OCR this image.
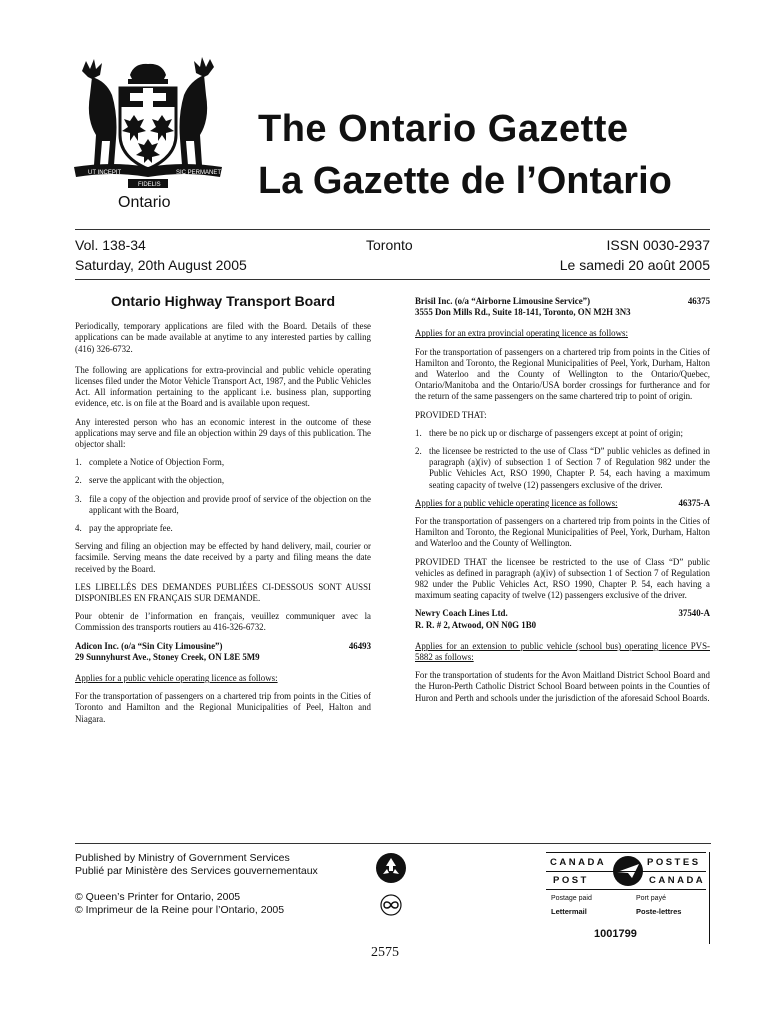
UT INCEPIT	SIC PERMANET
FIDELIS
Ontario
The Ontario Gazette
La Gazette de l’Ontario
Vol. 138-34	Toronto	ISSN 0030-2937
Saturday, 20th August 2005	Le samedi 20 août 2005
Ontario Highway Transport Board

Periodically, temporary applications are filed with the Board. Details of these applications can be made available at anytime to any interested parties by calling (416) 326-6732.

The following are applications for extra-provincial and public vehicle operating licenses filed under the Motor Vehicle Transport Act, 1987, and the Public Vehicles Act. All information pertaining to the applicant i.e. business plan, supporting evidence, etc. is on file at the Board and is available upon request.

Any interested person who has an economic interest in the outcome of these applications may serve and file an objection within 29 days of this publication. The objector shall:

1. complete a Notice of Objection Form,
2. serve the applicant with the objection,
3. file a copy of the objection and provide proof of service of the objection on the applicant with the Board,
4. pay the appropriate fee.

Serving and filing an objection may be effected by hand delivery, mail, courier or facsimile. Serving means the date received by a party and filing means the date received by the Board.

LES LIBELLÉS DES DEMANDES PUBLIÉES CI-DESSOUS SONT AUSSI DISPONIBLES EN FRANÇAIS SUR DEMANDE.

Pour obtenir de l’information en français, veuillez communiquer avec la Commission des transports routiers au 416-326-6732.

Adicon Inc. (o/a “Sin City Limousine”)	46493

29 Sunnyhurst Ave., Stoney Creek, ON L8E 5M9

Applies for a public vehicle operating licence as follows:

For the transportation of passengers on a chartered trip from points in the Cities of Toronto and Hamilton and the Regional Municipalities of Peel, Halton and Niagara.

Brisil Inc. (o/a “Airborne Limousine Service”)	46375

3555 Don Mills Rd., Suite 18-141, Toronto, ON M2H 3N3

Applies for an extra provincial operating licence as follows:

For the transportation of passengers on a chartered trip from points in the Cities of Hamilton and Toronto, the Regional Municipalities of Peel, York, Durham, Halton and Waterloo and the County of Wellington to the Ontario/Quebec, Ontario/Manitoba and the Ontario/USA border crossings for furtherance and for the return of the same passengers on the same chartered trip to point of origin.

PROVIDED THAT:

1. there be no pick up or discharge of passengers except at point of origin;
2. the licensee be restricted to the use of Class “D” public vehicles as defined in paragraph (a)(iv) of subsection 1 of Section 7 of Regulation 982 under the Public Vehicles Act, RSO 1990, Chapter P. 54, each having a maximum seating capacity of twelve (12) passengers exclusive of the driver.
Applies for a public vehicle operating licence as follows:	46375-A

For the transportation of passengers on a chartered trip from points in the Cities of Hamilton and Toronto, the Regional Municipalities of Peel, York, Durham, Halton and Waterloo and the County of Wellington.

PROVIDED THAT the licensee be restricted to the use of Class “D” public vehicles as defined in paragraph (a)(iv) of subsection 1 of Section 7 of Regulation 982 under the Public Vehicles Act, RSO 1990, Chapter P. 54, each having a maximum seating capacity of twelve (12) passengers exclusive of the driver.

Newry Coach Lines Ltd.	37540-A

R. R. # 2, Atwood, ON N0G 1B0

Applies for an extension to public vehicle (school bus) operating licence PVS-5882 as follows:

For the transportation of students for the Avon Maitland District School Board and the Huron-Perth Catholic District School Board between points in the Counties of Huron and Perth and schools under the jurisdiction of the aforesaid School Boards.

Published by Ministry of Government Services
Publié par Ministère des Services gouvernementaux
© Queen’s Printer for Ontario, 2005
© Imprimeur de la Reine pour l’Ontario, 2005
CANADA	POSTES
POST	CANADA
Postage paid	Port payé
Lettermail	Poste-lettres
1001799
2575
